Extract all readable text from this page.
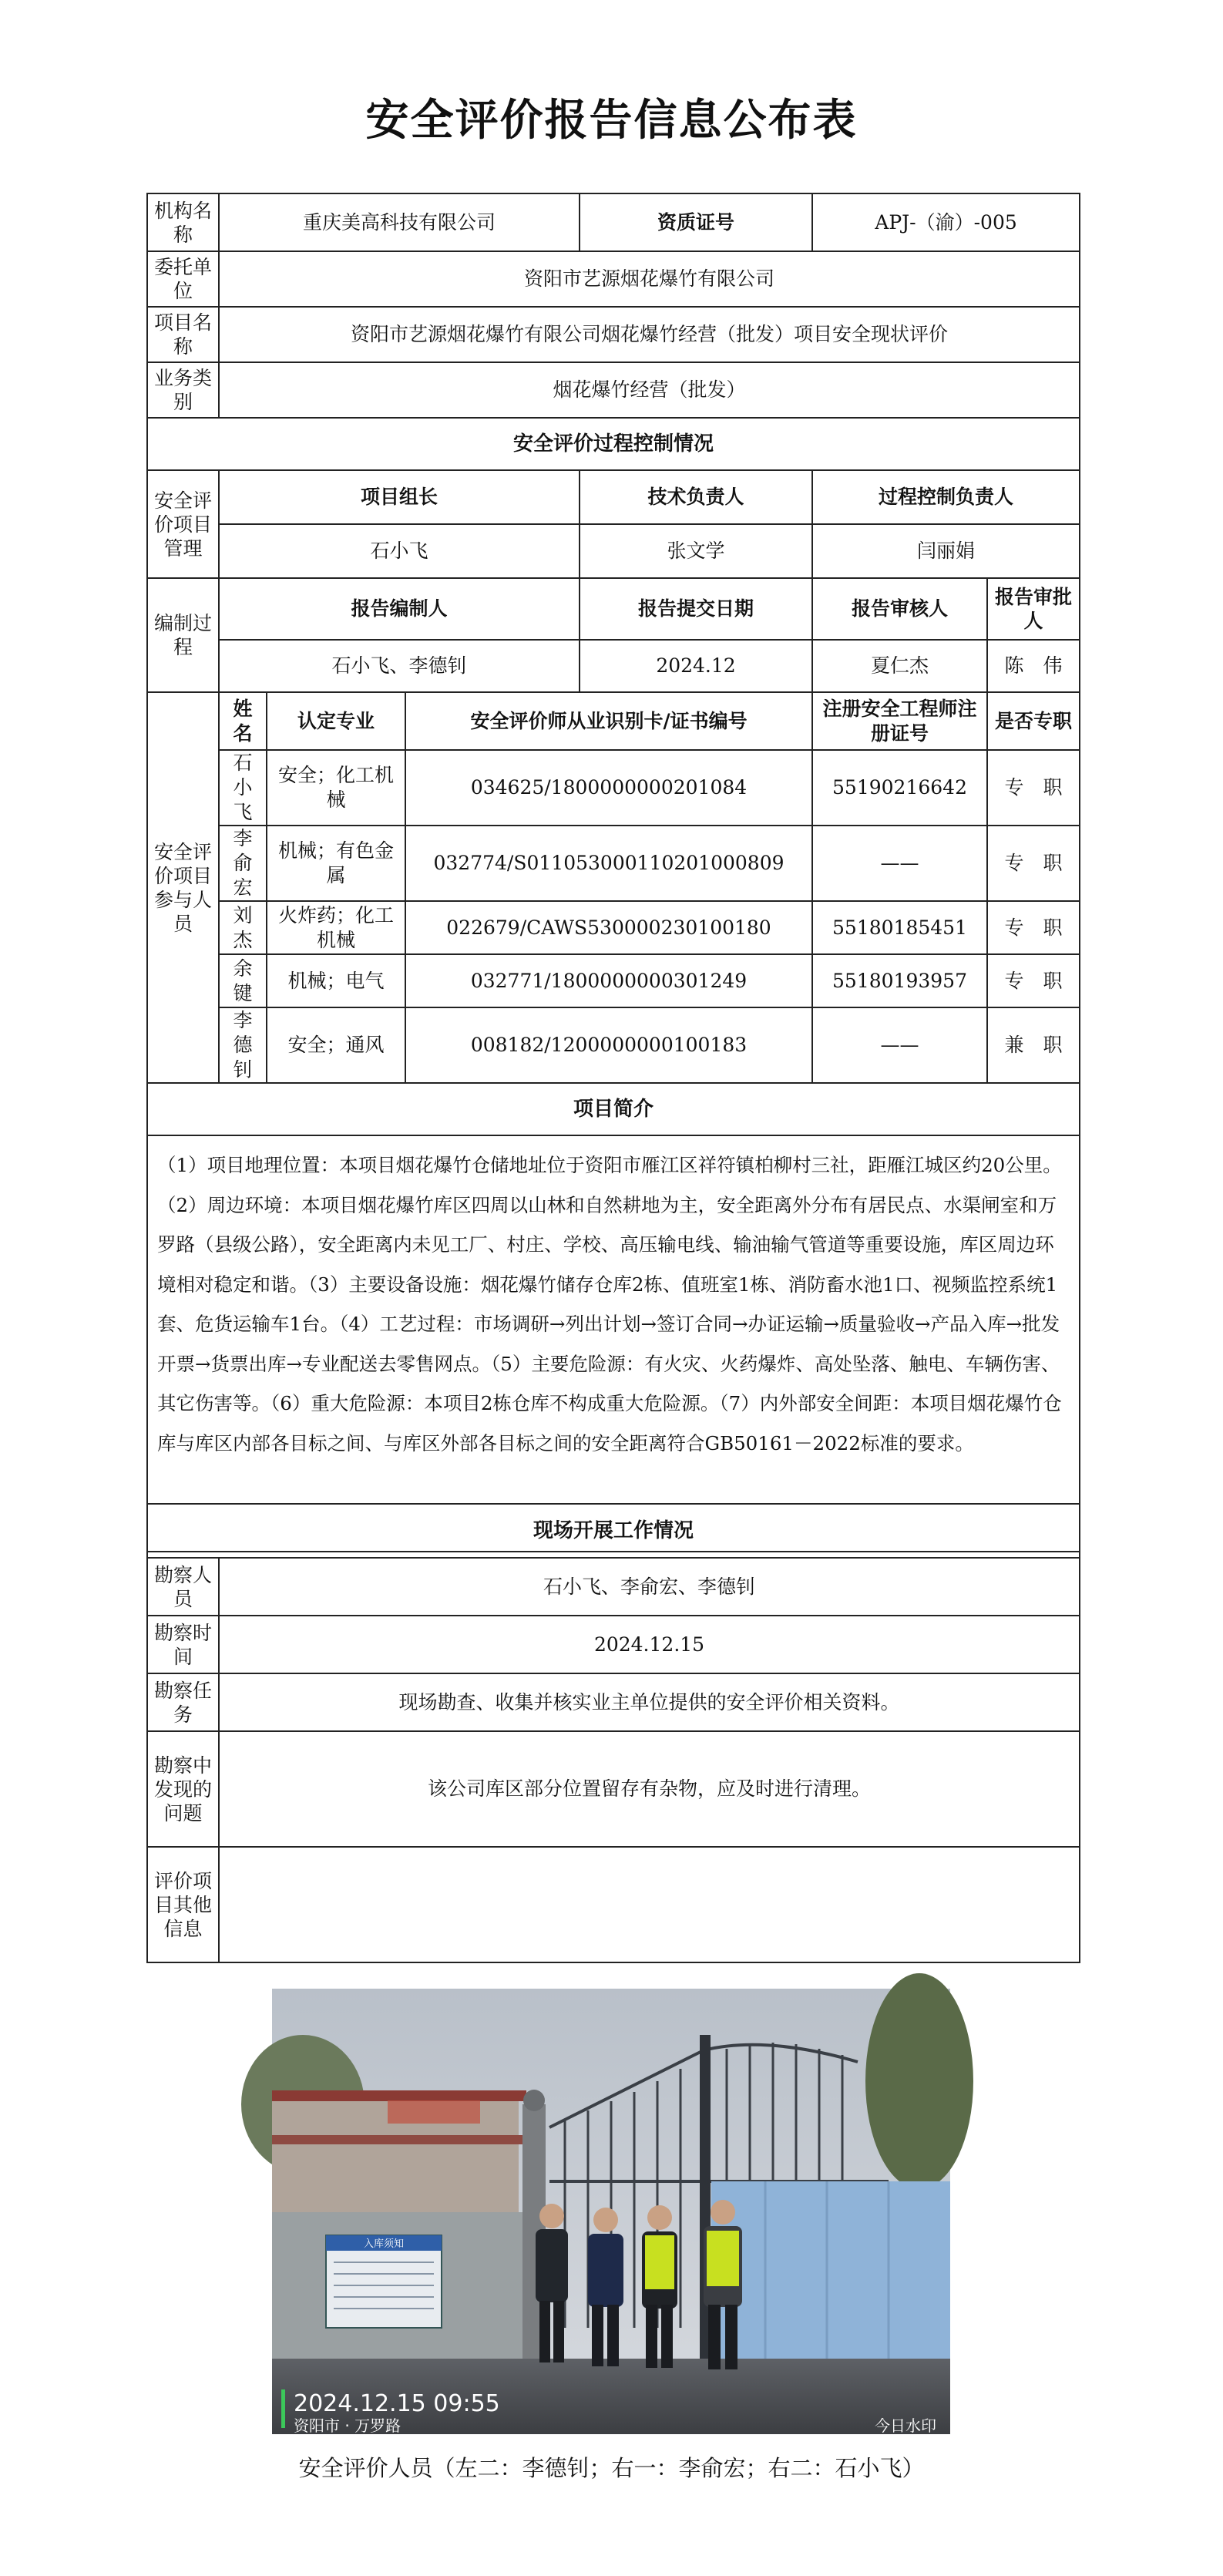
安全评价报告信息公布表
机构名称	重庆美高科技有限公司			资质证号	APJ-（渝）-005	
委托单位	资阳市艺源烟花爆竹有限公司					
项目名称	资阳市艺源烟花爆竹有限公司烟花爆竹经营（批发）项目安全现状评价					
业务类别	烟花爆竹经营（批发）					
安全评价过程控制情况						
安全评价项目管理	项目组长			技术负责人	过程控制负责人	
	石小飞			张文学	闫丽娟	
编制过程	报告编制人			报告提交日期	报告审核人	报告审批人
	石小飞、李德钊			2024.12	夏仁杰	陈　伟
安全评价项目参与人员	姓　名	认定专业	安全评价师从业识别卡/证书编号		注册安全工程师注册证号	是否专职
	石小飞	安全；化工机械	034625/1800000000201084		55190216642	专　职
	李俞宏	机械；有色金属	032774/S011053000110201000809		——	专　职
	刘　杰	火炸药；化工机械	022679/CAWS530000230100180		55180185451	专　职
	余　键	机械；电气	032771/1800000000301249		55180193957	专　职
	李德钊	安全；通风	008182/1200000000100183		——	兼　职
项目简介						
（1）项目地理位置：本项目烟花爆竹仓储地址位于资阳市雁江区祥符镇柏柳村三社，距雁江城区约20公里。（2）周边环境：本项目烟花爆竹库区四周以山林和自然耕地为主，安全距离外分布有居民点、水渠闸室和万罗路（县级公路），安全距离内未见工厂、村庄、学校、高压输电线、输油输气管道等重要设施，库区周边环境相对稳定和谐。（3）主要设备设施：烟花爆竹储存仓库2栋、值班室1栋、消防畜水池1口、视频监控系统1套、危货运输车1台。（4）工艺过程：市场调研→列出计划→签订合同→办证运输→质量验收→产品入库→批发开票→货票出库→专业配送去零售网点。（5）主要危险源：有火灾、火药爆炸、高处坠落、触电、车辆伤害、其它伤害等。（6）重大危险源：本项目2栋仓库不构成重大危险源。（7）内外部安全间距：本项目烟花爆竹仓库与库区内部各目标之间、与库区外部各目标之间的安全距离符合GB50161－2022标准的要求。						
现场开展工作情况	
勘察人员	石小飞、李俞宏、李德钊
勘察时间	2024.12.15
勘察任务	现场勘查、收集并核实业主单位提供的安全评价相关资料。
勘察中发现的问题	该公司库区部分位置留存有杂物，应及时进行清理。
评价项目其他信息	
入库须知
2024.12.15 09:55
资阳市 · 万罗路	今日水印
安全评价人员（左二：李德钊；右一：李俞宏；右二：石小飞）
